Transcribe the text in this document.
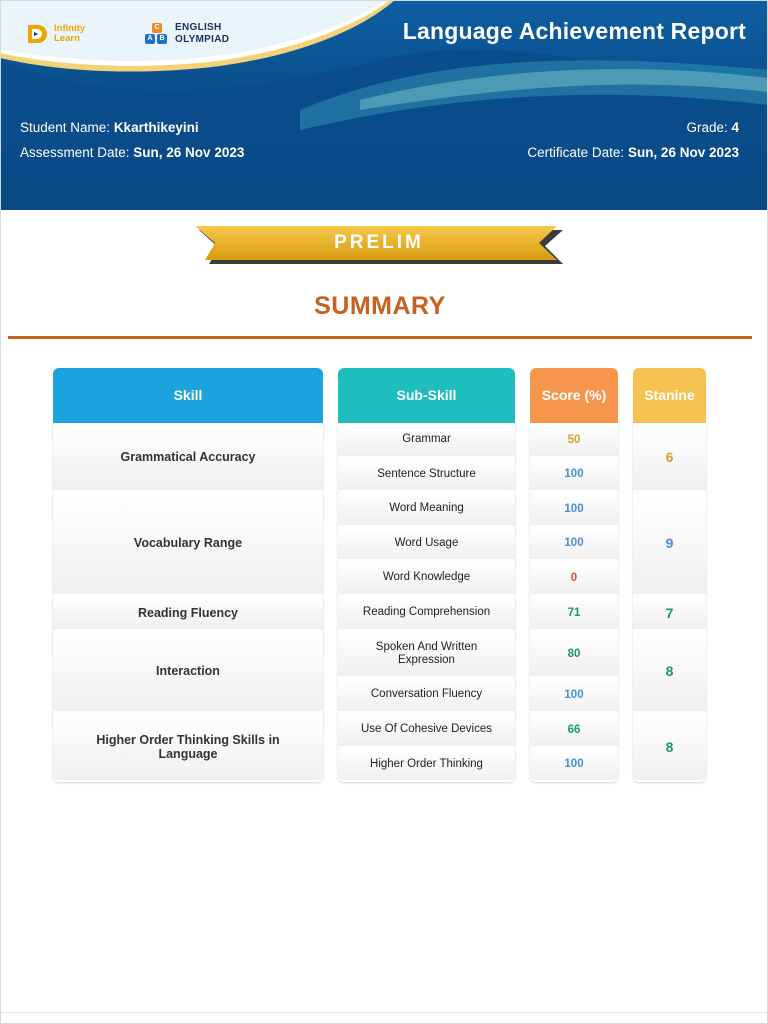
Infinity
Learn
C
A B
ENGLISH
OLYMPIAD	Language Achievement Report
Student Name: Kkarthikeyini
Assessment Date: Sun, 26 Nov 2023
Grade: 4
Certificate Date: Sun, 26 Nov 2023
PRELIM
SUMMARY
Skill
Grammatical Accuracy
Vocabulary Range
Reading Fluency
Interaction
Higher Order Thinking Skills in Language
Sub-Skill
Grammar
Sentence Structure
Word Meaning
Word Usage
Word Knowledge
Reading Comprehension
Spoken And Written Expression
Conversation Fluency
Use Of Cohesive Devices
Higher Order Thinking
Score (%)
50
100
100
100
0
71
80
100
66
100
Stanine
6
9
7
8
8
